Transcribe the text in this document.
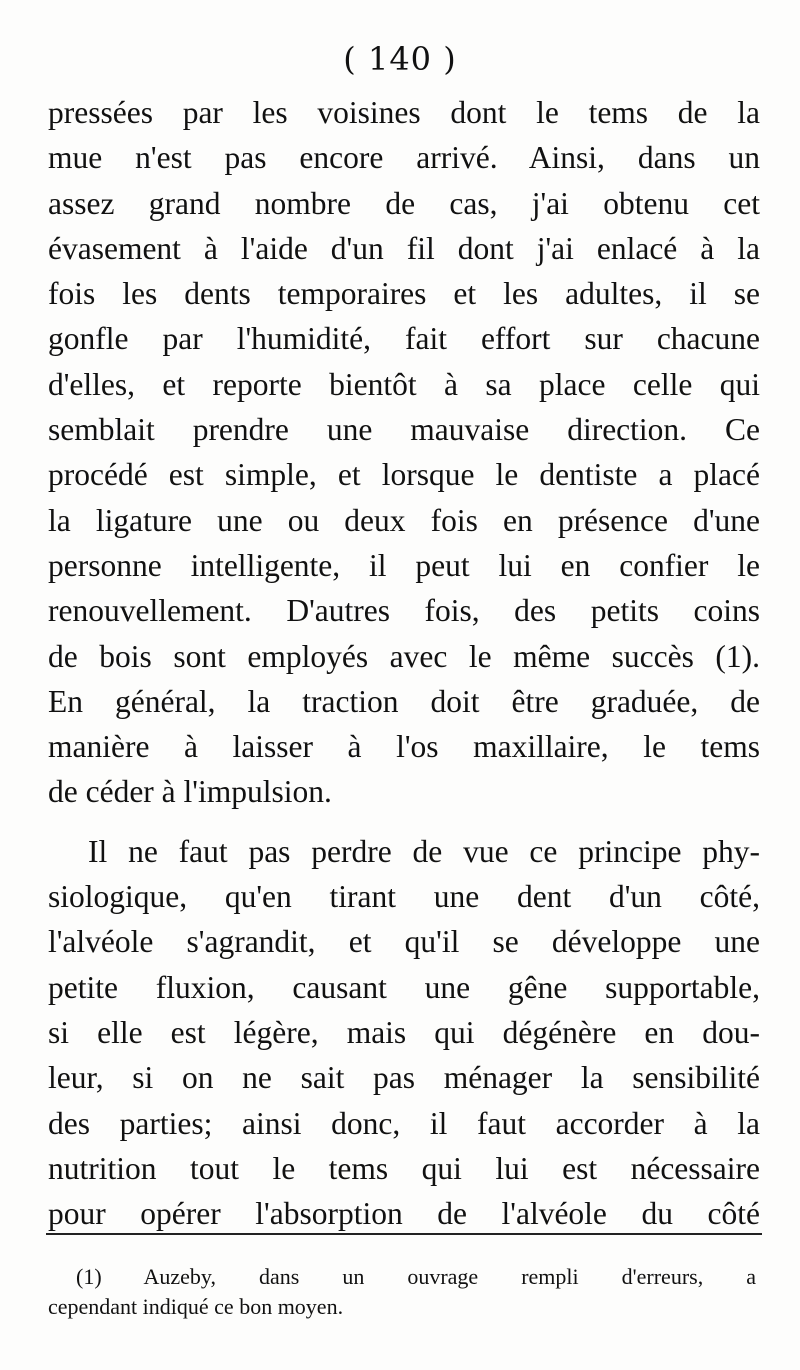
( 140 )
pressées par les voisines dont le tems de la
mue n'est pas encore arrivé. Ainsi, dans un
assez grand nombre de cas, j'ai obtenu cet
évasement à l'aide d'un fil dont j'ai enlacé à la
fois les dents temporaires et les adultes, il se
gonfle par l'humidité, fait effort sur chacune
d'elles, et reporte bientôt à sa place celle qui
semblait prendre une mauvaise direction. Ce
procédé est simple, et lorsque le dentiste a placé
la ligature une ou deux fois en présence d'une
personne intelligente, il peut lui en confier le
renouvellement. D'autres fois, des petits coins
de bois sont employés avec le même succès (1).
En général, la traction doit être graduée, de
manière à laisser à l'os maxillaire, le tems
de céder à l'impulsion.
Il ne faut pas perdre de vue ce principe phy-
siologique, qu'en tirant une dent d'un côté,
l'alvéole s'agrandit, et qu'il se développe une
petite fluxion, causant une gêne supportable,
si elle est légère, mais qui dégénère en dou-
leur, si on ne sait pas ménager la sensibilité
des parties; ainsi donc, il faut accorder à la
nutrition tout le tems qui lui est nécessaire
pour opérer l'absorption de l'alvéole du côté
(1) Auzeby, dans un ouvrage rempli d'erreurs, a
cependant indiqué ce bon moyen.
